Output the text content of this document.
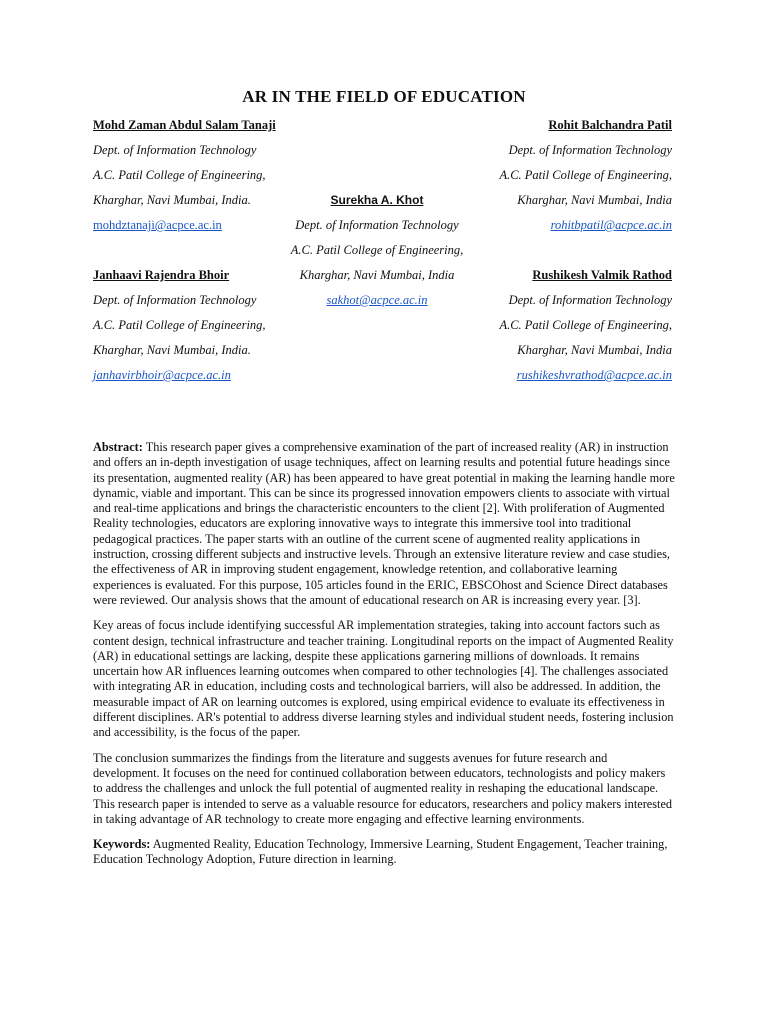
AR IN THE FIELD OF EDUCATION
Mohd Zaman Abdul Salam Tanaji
Dept. of Information Technology
A.C. Patil College of Engineering,
Kharghar, Navi Mumbai, India.
mohdztanaji@acpce.ac.in
Rohit Balchandra Patil
Dept. of Information Technology
A.C. Patil College of Engineering,
Kharghar, Navi Mumbai, India
rohitbpatil@acpce.ac.in
Surekha A. Khot
Dept. of Information Technology
A.C. Patil College of Engineering,
Kharghar, Navi Mumbai, India
sakhot@acpce.ac.in
Janhaavi Rajendra Bhoir
Dept. of Information Technology
A.C. Patil College of Engineering,
Kharghar, Navi Mumbai, India.
janhavirbhoir@acpce.ac.in
Rushikesh Valmik Rathod
Dept. of Information Technology
A.C. Patil College of Engineering,
Kharghar, Navi Mumbai, India
rushikeshvrathod@acpce.ac.in

Abstract: This research paper gives a comprehensive examination of the part of increased reality (AR) in instruction and offers an in-depth investigation of usage techniques, affect on learning results and potential future headings since its presentation, augmented reality (AR) has been appeared to have great potential in making the learning handle more dynamic, viable and important. This can be since its progressed innovation empowers clients to associate with virtual and real-time applications and brings the characteristic encounters to the client [2]. With proliferation of Augmented Reality technologies, educators are exploring innovative ways to integrate this immersive tool into traditional pedagogical practices. The paper starts with an outline of the current scene of augmented reality applications in instruction, crossing different subjects and instructive levels. Through an extensive literature review and case studies, the effectiveness of AR in improving student engagement, knowledge retention, and collaborative learning experiences is evaluated. For this purpose, 105 articles found in the ERIC, EBSCOhost and Science Direct databases were reviewed. Our analysis shows that the amount of educational research on AR is increasing every year. [3].

Key areas of focus include identifying successful AR implementation strategies, taking into account factors such as content design, technical infrastructure and teacher training. Longitudinal reports on the impact of Augmented Reality (AR) in educational settings are lacking, despite these applications garnering millions of downloads. It remains uncertain how AR influences learning outcomes when compared to other technologies [4]. The challenges associated with integrating AR in education, including costs and technological barriers, will also be addressed. In addition, the measurable impact of AR on learning outcomes is explored, using empirical evidence to evaluate its effectiveness in different disciplines. AR's potential to address diverse learning styles and individual student needs, fostering inclusion and accessibility, is the focus of the paper.

The conclusion summarizes the findings from the literature and suggests avenues for future research and development. It focuses on the need for continued collaboration between educators, technologists and policy makers to address the challenges and unlock the full potential of augmented reality in reshaping the educational landscape. This research paper is intended to serve as a valuable resource for educators, researchers and policy makers interested in taking advantage of AR technology to create more engaging and effective learning environments.

Keywords: Augmented Reality, Education Technology, Immersive Learning, Student Engagement, Teacher training, Education Technology Adoption, Future direction in learning.
